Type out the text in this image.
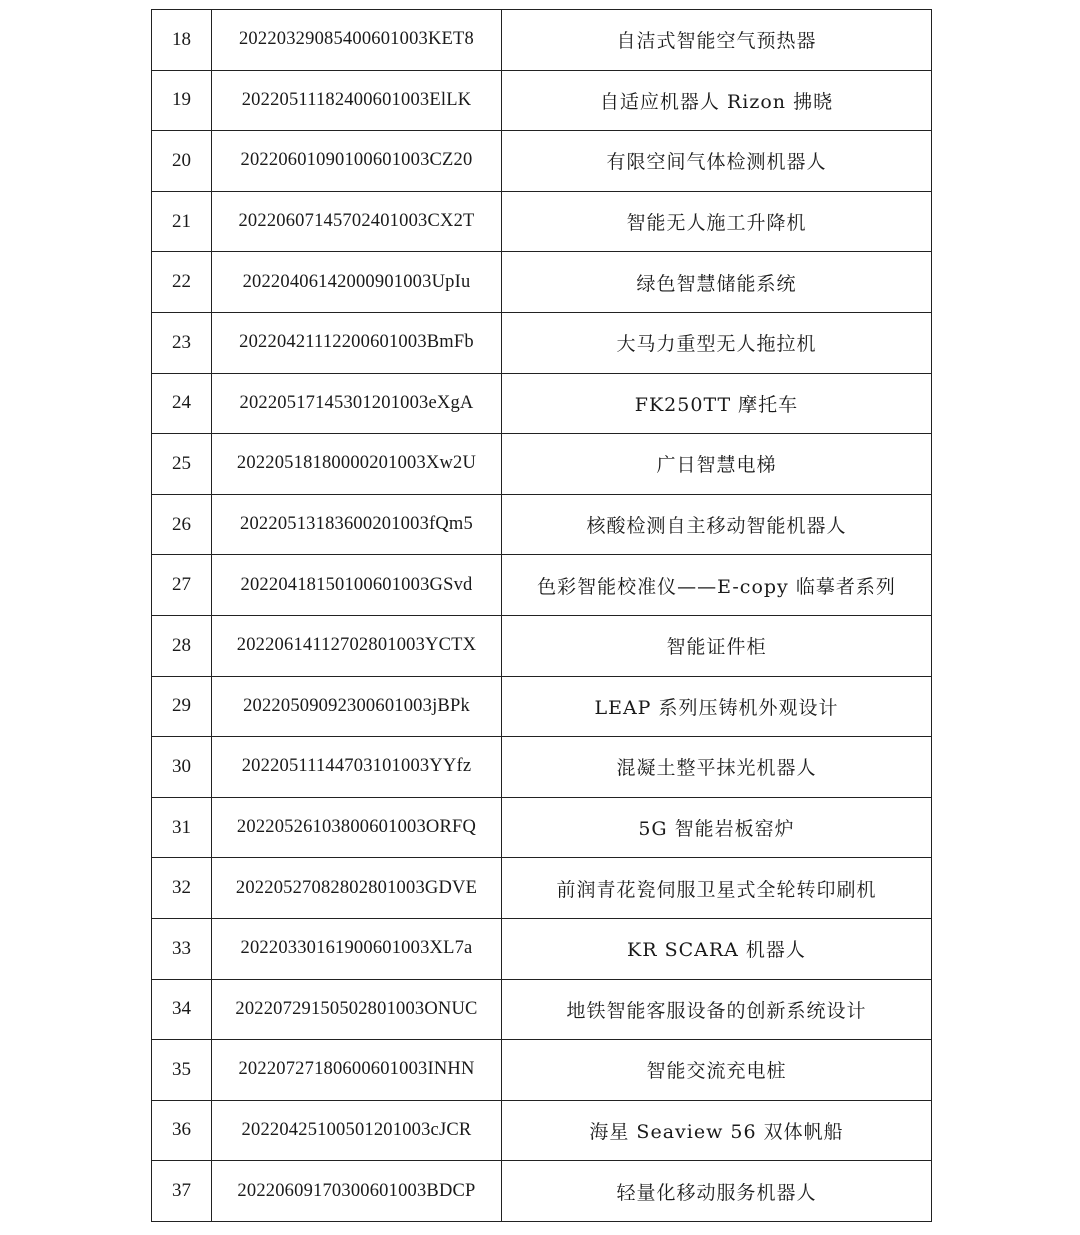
18	20220329085400601003KET8	自洁式智能空气预热器
19	20220511182400601003ElLK	自适应机器人 Rizon 拂晓
20	20220601090100601003CZ20	有限空间气体检测机器人
21	20220607145702401003CX2T	智能无人施工升降机
22	20220406142000901003UpIu	绿色智慧储能系统
23	20220421112200601003BmFb	大马力重型无人拖拉机
24	20220517145301201003eXgA	FK250TT 摩托车
25	20220518180000201003Xw2U	广日智慧电梯
26	20220513183600201003fQm5	核酸检测自主移动智能机器人
27	20220418150100601003GSvd	色彩智能校准仪——E-copy 临摹者系列
28	20220614112702801003YCTX	智能证件柜
29	20220509092300601003jBPk	LEAP 系列压铸机外观设计
30	20220511144703101003YYfz	混凝土整平抹光机器人
31	20220526103800601003ORFQ	5G 智能岩板窑炉
32	20220527082802801003GDVE	前润青花瓷伺服卫星式全轮转印刷机
33	20220330161900601003XL7a	KR SCARA 机器人
34	20220729150502801003ONUC	地铁智能客服设备的创新系统设计
35	20220727180600601003INHN	智能交流充电桩
36	20220425100501201003cJCR	海星 Seaview 56 双体帆船
37	20220609170300601003BDCP	轻量化移动服务机器人
